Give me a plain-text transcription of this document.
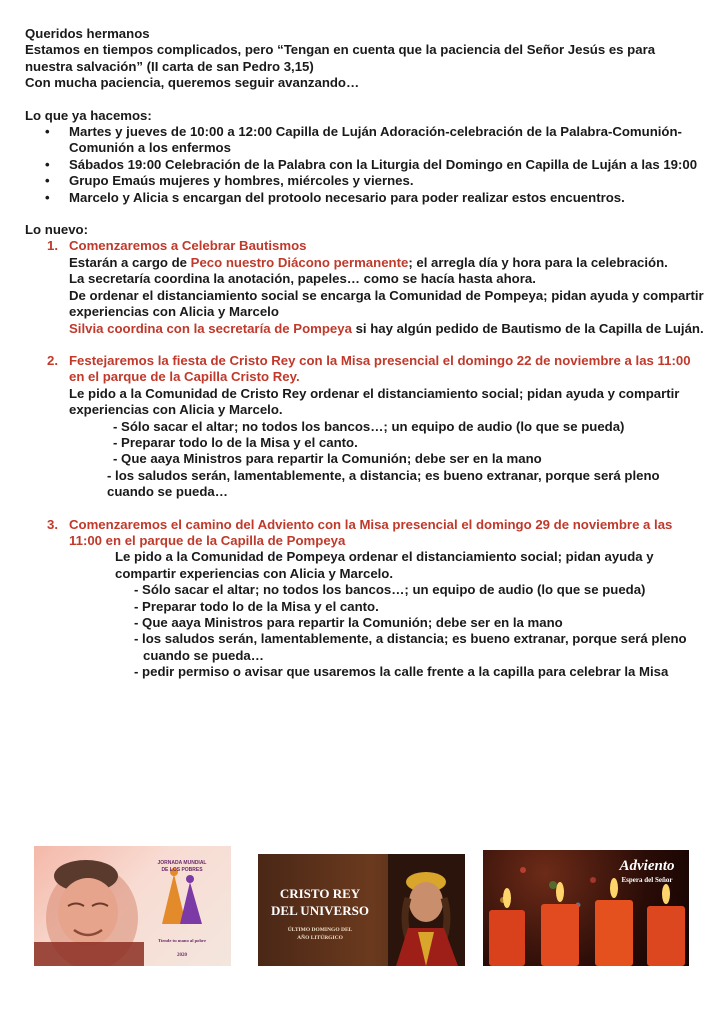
Queridos hermanos

Estamos en tiempos complicados, pero “Tengan en cuenta que la paciencia del Señor Jesús es para nuestra salvación” (II carta de san Pedro 3,15)

Con mucha paciencia, queremos seguir avanzando…

Lo que ya hacemos:

• Martes y jueves de 10:00 a 12:00 Capilla de Luján Adoración-celebración de la Palabra-Comunión-Comunión a los enfermos
• Sábados 19:00 Celebración de la Palabra con la Liturgia del Domingo en Capilla de Luján a las 19:00
• Grupo Emaús mujeres y hombres, miércoles y viernes.
• Marcelo y Alicia s encargan del protoolo necesario para poder realizar estos encuentros.

Lo nuevo:

1. Comenzaremos a Celebrar Bautismos

Estarán a cargo de Peco nuestro Diácono permanente; el arregla día y hora para la celebración.

La secretaría coordina la anotación, papeles… como se hacía hasta ahora.

De ordenar el distanciamiento social se encarga la Comunidad de Pompeya; pidan ayuda y compartir experiencias con Alicia y Marcelo

Silvia coordina con la secretaría de Pompeya si hay algún pedido de Bautismo de la Capilla de Luján.

2. Festejaremos la fiesta de Cristo Rey con la Misa presencial el domingo 22 de noviembre a las 11:00 en el parque de la Capilla Cristo Rey.

Le pido a la Comunidad de Cristo Rey ordenar el distanciamiento social; pidan ayuda y compartir experiencias con Alicia y Marcelo.

- Sólo sacar el altar; no todos los bancos…; un equipo de audio (lo que se pueda)

- Preparar todo lo de la Misa y el canto.

- Que aaya Ministros para repartir la Comunión; debe ser en la mano

- los saludos serán, lamentablemente, a distancia; es bueno extranar, porque será pleno cuando se pueda…

3. Comenzaremos el camino del Adviento con la Misa presencial el domingo 29 de noviembre a las 11:00 en el parque de la Capilla de Pompeya

Le pido a la Comunidad de Pompeya ordenar el distanciamiento social; pidan ayuda y compartir experiencias con Alicia y Marcelo.

- Sólo sacar el altar; no todos los bancos…; un equipo de audio (lo que se pueda)

- Preparar todo lo de la Misa y el canto.

- Que aaya Ministros para repartir la Comunión; debe ser en la mano

- los saludos serán, lamentablemente, a distancia; es bueno extranar, porque será pleno cuando se pueda…

- pedir permiso o avisar que usaremos la calle frente a la capilla para celebrar la Misa

JORNADA MUNDIAL
DE LOS POBRES
Tiende tu mano al pobre
2020
CRISTO REY
DEL UNIVERSO
ÚLTIMO DOMINGO DEL
AÑO LITÚRGICO
Adviento
Espera del Señor
